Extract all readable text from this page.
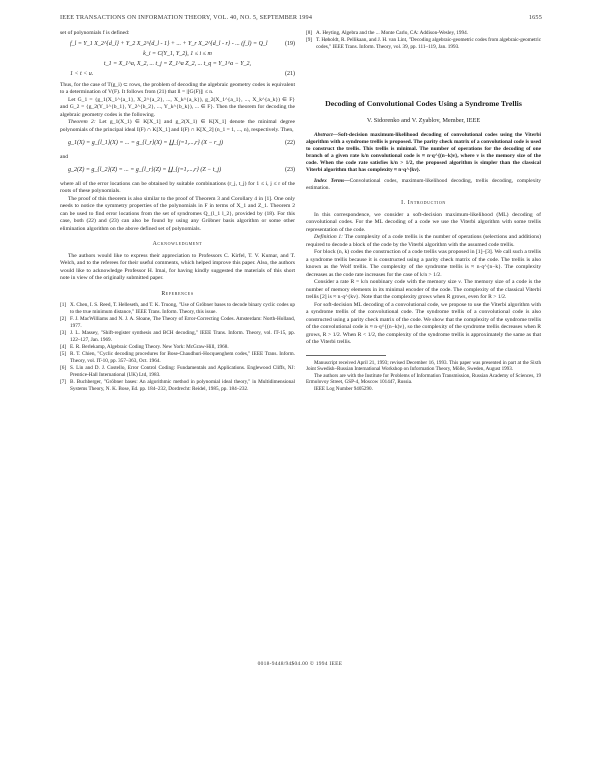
IEEE TRANSACTIONS ON INFORMATION THEORY, VOL. 40, NO. 5, SEPTEMBER 1994	1655

set of polynomials f is defined:

f_l = Y_1 X_2^{d_l} + Y_2 X_2^{d_l - 1} + ... + Y_r X_2^{d_l - r} - ... (f_l) = Q_l	(19)
k_i = C(Y_1, Y_2), 1 ≤ i ≤ m
t_1 = X_1^a, X_2, ... t_j = Z_1^a Z_2, ... t_q = Y_1^a − Y_2,
1 < t < u.	(21)

Thus, for the case of T(g_i) ⊂ rows, the problem of decoding the algebraic geometry codes is equivalent to a determination of V(F). It follows from (21) that ll = |[G(F)]| ≤ n.

Let G_1 = {g_1(X_1^{a_1}, X_2^{a_2}, ..., X_k^{a_k}), g_2(X_1^{a_1}, ..., X_k^{a_k}) ∈ F} and G_2 = {g_2(Y_1^{b_1}, Y_2^{b_2}, ..., Y_k^{b_k}), ... ∈ F}. Then the theorem for decoding the algebraic geometry codes is the following.

Theorem 2: Let g_1(X_1) ∈ K[X_1] and g_2(X_1) ∈ K[X_1] denote the minimal degree polynomials of the principal ideal I(F) ∩ K[X_1] and I(F) ∩ K[X_2] (n_1 = 1, ..., n), respectively. Then,

g_1(X) = g_{l_1}(X) = ... = g_{l_r}(X) = ∐_{j=1,...,r} (X − r_j)	(22)

and

g_2(Z) = g_{l_2}(Z) = ... = g_{l_r}(Z) = ∐_{j=1,...,r} (Z − t_j)	(23)

where all of the error locations can be obtained by suitable combinations (r_j, t_j) for 1 ≤ i, j ≤ r of the roots of these polynomials.

The proof of this theorem is also similar to the proof of Theorem 3 and Corollary 4 in [1]. One only needs to notice the symmetry properties of the polynomials in F in terms of X_1 and Z_1. Theorem 2 can be used to find error locations from the set of syndromes Q_{l_1 l_2}, provided by (18). For this case, both (22) and (23) can also be found by using any Gröbner basis algorithm or some other elimination algorithm on the above defined set of polynomials.

Acknowledgment

The authors would like to express their appreciation to Professors C. Kirfel, T. V. Kumar, and T. Welch, and to the referees for their useful comments, which helped improve this paper. Also, the authors would like to acknowledge Professor H. Imai, for having kindly suggested the materials of this short note in view of the originally submitted paper.

References
[1] X. Chen, I. S. Reed, T. Helleseth, and T. K. Truong, "Use of Gröbner bases to decode binary cyclic codes up to the true minimum distance," IEEE Trans. Inform. Theory, this issue.
[2] F. J. MacWilliams and N. J. A. Sloane, The Theory of Error-Correcting Codes. Amsterdam: North-Holland, 1977.
[3] J. L. Massey, "Shift-register synthesis and BCH decoding," IEEE Trans. Inform. Theory, vol. IT-15, pp. 122–127, Jan. 1969.
[4] E. R. Berlekamp, Algebraic Coding Theory. New York: McGraw-Hill, 1968.
[5] R. T. Chien, "Cyclic decoding procedures for Bose-Chaudhuri-Hocquenghem codes," IEEE Trans. Inform. Theory, vol. IT-10, pp. 357–363, Oct. 1964.
[6] S. Lin and D. J. Costello, Error Control Coding: Fundamentals and Applications. Englewood Cliffs, NJ: Prentice-Hall International (UK) Ltd, 1983.
[7] B. Buchberger, "Gröbner bases: An algorithmic method in polynomial ideal theory," in Multidimensional Systems Theory, N. K. Bose, Ed. pp. 184–232, Dordrecht: Reidel, 1985, pp. 184–232.
[8] A. Heyting, Algebra and the ... Monte Carlo, CA: Addison-Wesley, 1994.
[9] T. Høholdt, R. Pellikaan, and J. H. van Lint, "Decoding algebraic-geometric codes from algebraic-geometric codes," IEEE Trans. Inform. Theory, vol. 39, pp. 111–119, Jan. 1993.
Decoding of Convolutional Codes Using a Syndrome Trellis
V. Sidorenko and V. Zyablov, Member, IEEE

Abstract—Soft-decision maximum-likelihood decoding of convolutional codes using the Viterbi algorithm with a syndrome trellis is proposed. The parity check matrix of a convolutional code is used to construct the trellis. This trellis is minimal. The number of operations for the decoding of one branch of a given rate k/n convolutional code is ≈ n·q^{(n−k)ν}, where ν is the memory size of the code. When the code rate satisfies k/n > 1/2, the proposed algorithm is simpler than the classical Viterbi algorithm that has complexity ≈ n·q^{kν}.

Index Terms—Convolutional codes, maximum-likelihood decoding, trellis decoding, complexity estimation.

I. Introduction

In this correspondence, we consider a soft-decision maximum-likelihood (ML) decoding of convolutional codes. For the ML decoding of a code we use the Viterbi algorithm with some trellis representation of the code.

Definition 1: The complexity of a code trellis is the number of operations (selections and additions) required to decode a block of the code by the Viterbi algorithm with the assumed code trellis.

For block (n, k) codes the construction of a code trellis was proposed in [1]–[3]. We call such a trellis a syndrome trellis because it is constructed using a parity check matrix of the code. The trellis is also known as the Wolf trellis. The complexity of the syndrome trellis is ≈ n·q^{n−k}. The complexity decreases as the code rate increases for the case of k/n > 1/2.

Consider a rate R = k/n nonbinary code with the memory size ν. The memory size of a code is the number of memory elements in its minimal encoder of the code. The complexity of the classical Viterbi trellis [2] is ≈ n·q^{kν}. Note that the complexity grows when R grows, even for R > 1/2.

For soft-decision ML decoding of a convolutional code, we propose to use the Viterbi algorithm with a syndrome trellis of the convolutional code. The syndrome trellis of a convolutional code is also constructed using a parity check matrix of the code. We show that the complexity of the syndrome trellis of the convolutional code is ≈ n·q^{(n−k)ν}, so the complexity of the syndrome trellis decreases when R grows, R > 1/2. When R < 1/2, the complexity of the syndrome trellis is approximately the same as that of the Viterbi trellis.

Manuscript received April 21, 1993; revised December 16, 1993. This paper was presented in part at the Sixth Joint Swedish–Russian International Workshop on Information Theory, Mölle, Sweden, August 1993.

The authors are with the Institute for Problems of Information Transmission, Russian Academy of Sciences, 19 Ermolovoy Street, GSP-4, Moscow 101447, Russia.

IEEE Log Number 9405290.

0018-9448/94$04.00 © 1994 IEEE
